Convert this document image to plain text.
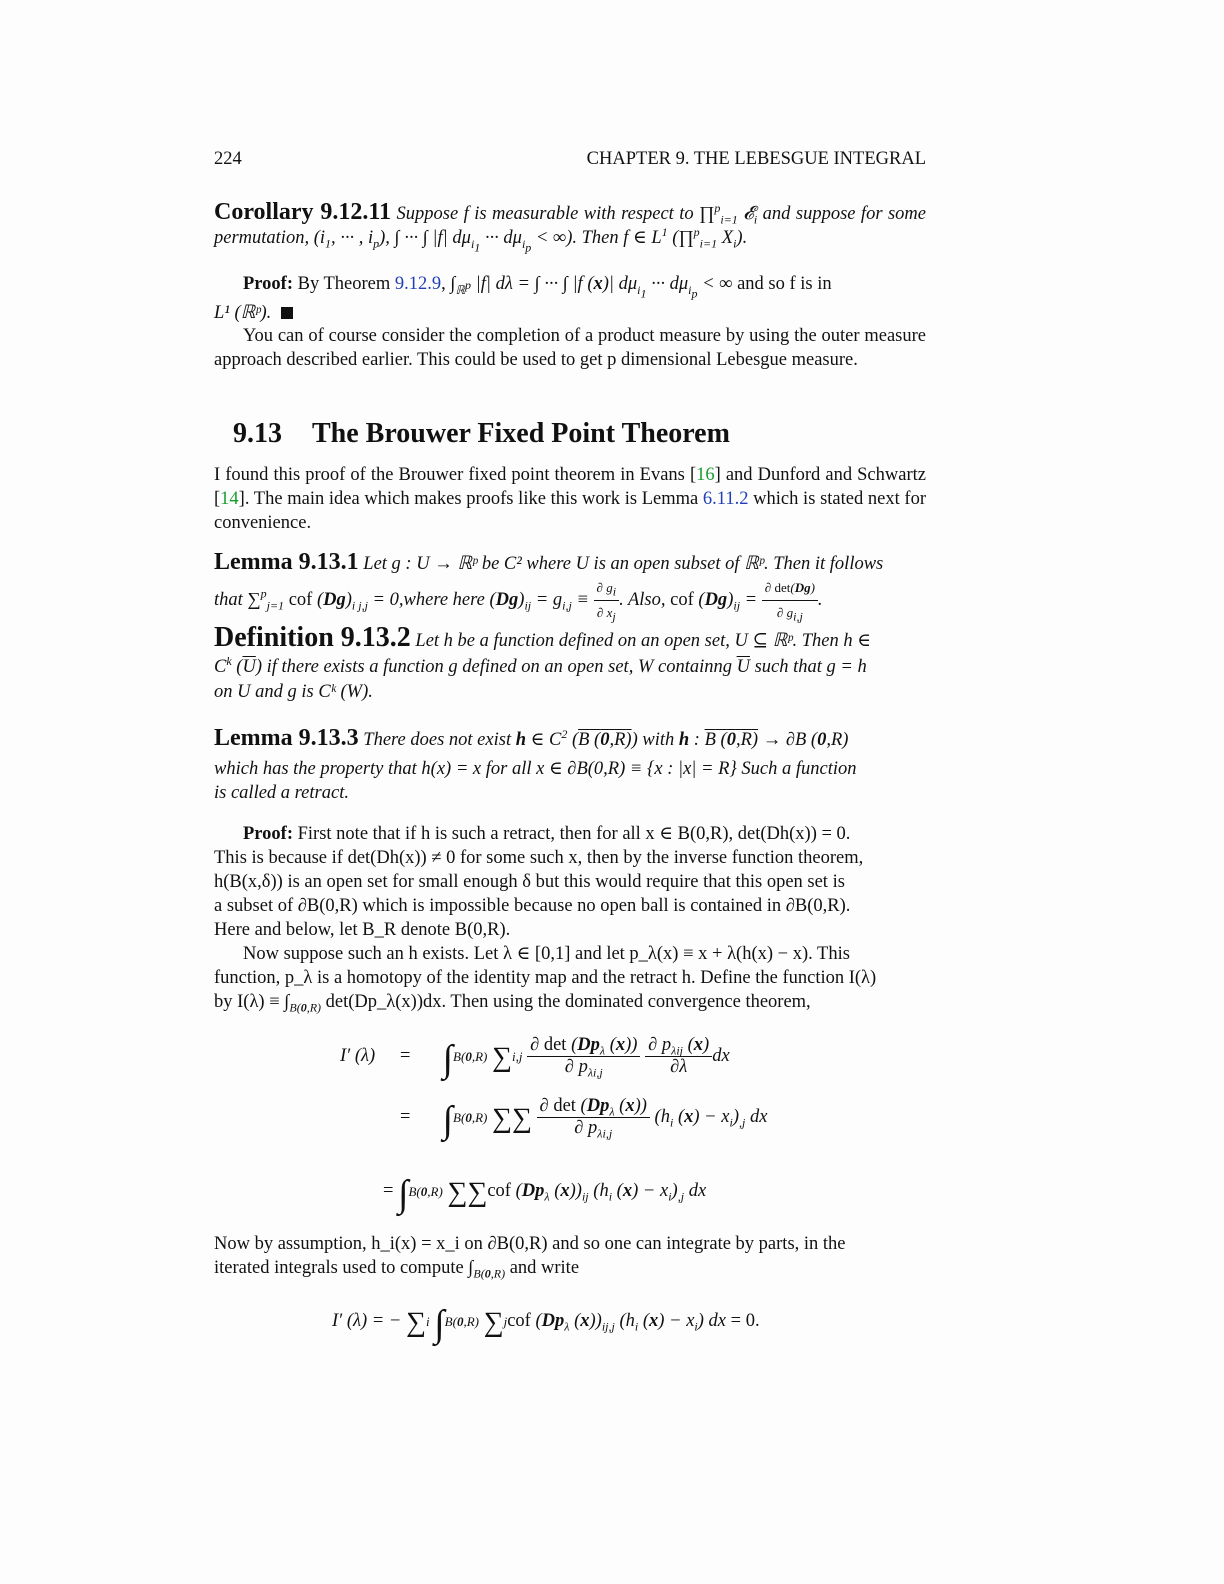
224	CHAPTER 9. THE LEBESGUE INTEGRAL
Corollary 9.12.11 Suppose f is measurable with respect to ∏$^p_{i=1}$ 𝓔$_i$ and suppose for some permutation, ($i_1$, ··· , $i_p$), ∫ ··· ∫ |f| $d\mu_{i_1}$ ··· $d\mu_{i_p}$ < ∞). Then f ∈ $L^1$ (∏$^p_{i=1}$ $X_i$).
Proof: By Theorem 9.12.9, $\int_{ℝ^p}$ |f| dλ = ∫ ··· ∫ |f (x)| $d\mu_{i_1}$ ··· $d\mu_{i_p}$ < ∞ and so f is in
L¹ (ℝᵖ).
You can of course consider the completion of a product measure by using the outer measure approach described earlier. This could be used to get p dimensional Lebesgue measure.
9.13 The Brouwer Fixed Point Theorem
I found this proof of the Brouwer fixed point theorem in Evans [16] and Dunford and Schwartz [14]. The main idea which makes proofs like this work is Lemma 6.11.2 which is stated next for convenience.
Lemma 9.13.1 Let g : U → ℝᵖ be C² where U is an open subset of ℝᵖ. Then it follows
that ∑$^p_{j=1}$ cof $(Dg)_{i j,j}$ = 0,where here $(Dg)_{ij} = g_{i,j} \equiv \frac{\partial g_i}{\partial x_j}$ . Also, cof $(Dg)_{ij} = \frac{\partial \det(Dg)}{\partial g_{i,j}}$ .
Definition 9.13.2 Let h be a function defined on an open set, U ⊆ ℝᵖ. Then h ∈
$C^k$ $(\overline{U})$ if there exists a function g defined on an open set, W containng $\overline{U}$ such that g = h
on U and g is Cᵏ (W).
Lemma 9.13.3 There does not exist h ∈ $C^2$ (B (0,R)) with h : B (0,R) → ∂B (0,R)
which has the property that h(x) = x for all x ∈ ∂B(0,R) ≡ {x : |x| = R} Such a function
is called a retract.
Proof: First note that if h is such a retract, then for all x ∈ B(0,R), det(Dh(x)) = 0.
This is because if det(Dh(x)) ≠ 0 for some such x, then by the inverse function theorem,
h(B(x,δ)) is an open set for small enough δ but this would require that this open set is
a subset of ∂B(0,R) which is impossible because no open ball is contained in ∂B(0,R).
Here and below, let B_R denote B(0,R).
Now suppose such an h exists. Let λ ∈ [0,1] and let p_λ(x) ≡ x + λ(h(x) − x). This
function, p_λ is a homotopy of the identity map and the retract h. Define the function I(λ)
by $I(\lambda) \equiv \int_{B(0,R)}$ det(Dp_λ(x))dx. Then using the dominated convergence theorem,
I′ (λ) = ∫B(0,R) $\sum i,j \frac{\partial \det (Dp_\lambda (x))}{\partial p_{\lambda i,j}}$
$\frac{\partial p_{\lambda ij} (x)}{\partial\lambda}$ dx
= ∫B(0,R) ∑∑ $\frac{\partial \det (Dp_\lambda (x))}{\partial p_{\lambda i,j}} (h_i$ $(x) - x_i)_{,j}$ dx
= ∫B(0,R) ∑∑cof ($Dp_\lambda$ $(x))_{ij}$ ($h_i$ $(x) - x_i)_{,j}$ dx
Now by assumption, h_i(x) = x_i on ∂B(0,R) and so one can integrate by parts, in the
iterated integrals used to compute $\int_{B(0,R)}$ and write
I′ (λ) = − ∑i ∫B(0,R) ∑jcof ($Dp_\lambda$ $(x))_{ij,j}$ ($h_i$ $(x) - x_i$) dx = 0.
